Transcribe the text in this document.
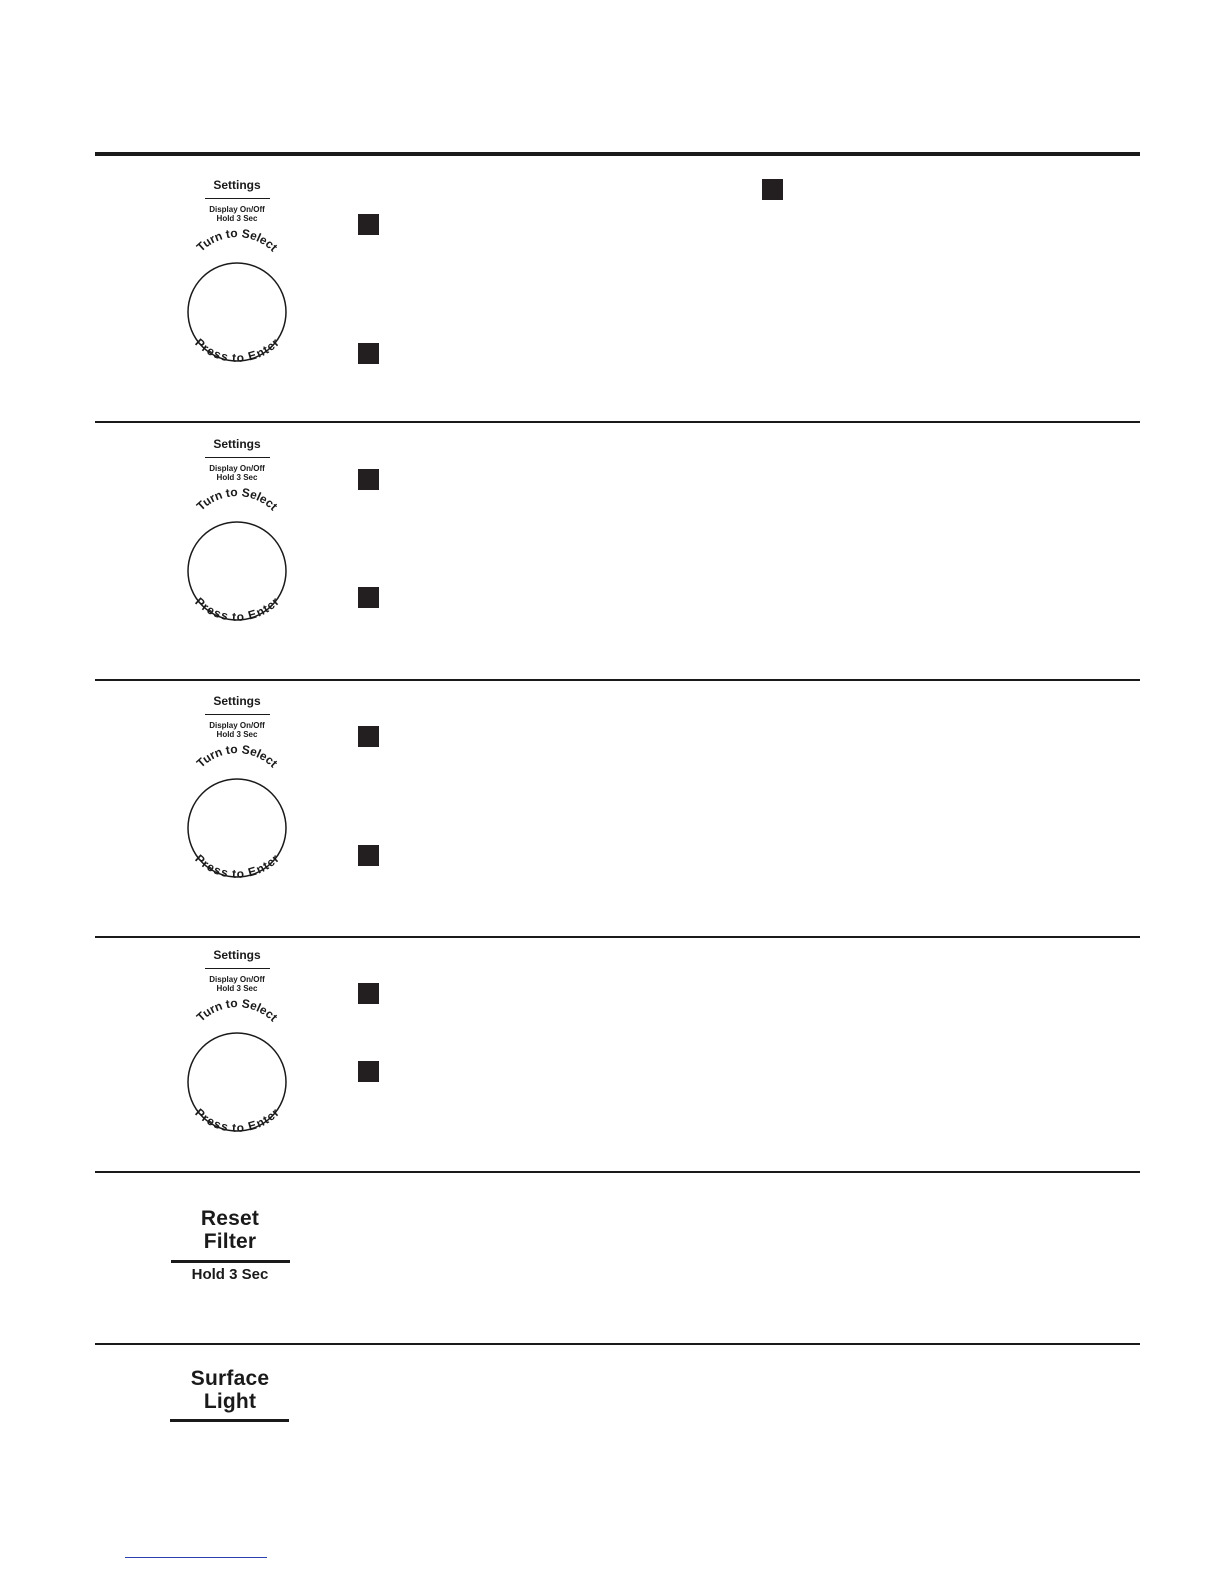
Settings
Display On/Off
Hold 3 Sec
Turn to Select
Press to Enter
Settings
Display On/Off
Hold 3 Sec
Turn to Select
Press to Enter
Settings
Display On/Off
Hold 3 Sec
Turn to Select
Press to Enter
Settings
Display On/Off
Hold 3 Sec
Turn to Select
Press to Enter
Reset
Filter
Hold 3 Sec
Surface
Light
